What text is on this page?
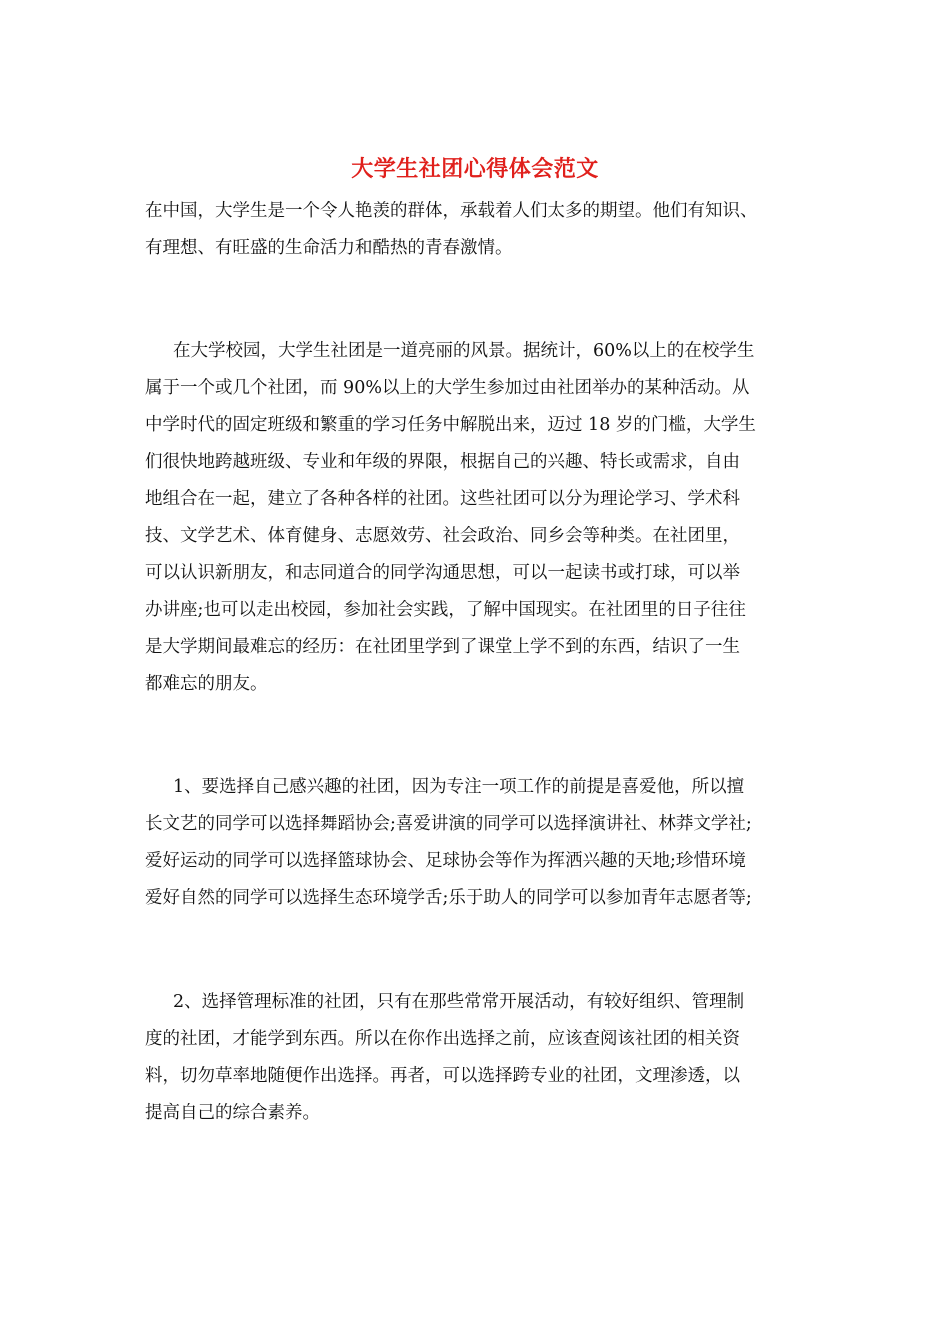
大学生社团心得体会范文
在中国，大学生是一个令人艳羡的群体，承载着人们太多的期望。他们有知识、
有理想、有旺盛的生命活力和酷热的青春激情。
在大学校园，大学生社团是一道亮丽的风景。据统计，60%以上的在校学生
属于一个或几个社团，而 90%以上的大学生参加过由社团举办的某种活动。从
中学时代的固定班级和繁重的学习任务中解脱出来，迈过 18 岁的门槛，大学生
们很快地跨越班级、专业和年级的界限，根据自己的兴趣、特长或需求，自由
地组合在一起，建立了各种各样的社团。这些社团可以分为理论学习、学术科
技、文学艺术、体育健身、志愿效劳、社会政治、同乡会等种类。在社团里，
可以认识新朋友，和志同道合的同学沟通思想，可以一起读书或打球，可以举
办讲座;也可以走出校园，参加社会实践，了解中国现实。在社团里的日子往往
是大学期间最难忘的经历：在社团里学到了课堂上学不到的东西，结识了一生
都难忘的朋友。
1、要选择自己感兴趣的社团，因为专注一项工作的前提是喜爱他，所以擅
长文艺的同学可以选择舞蹈协会;喜爱讲演的同学可以选择演讲社、林莽文学社;
爱好运动的同学可以选择篮球协会、足球协会等作为挥洒兴趣的天地;珍惜环境
爱好自然的同学可以选择生态环境学舌;乐于助人的同学可以参加青年志愿者等;
2、选择管理标准的社团，只有在那些常常开展活动，有较好组织、管理制
度的社团，才能学到东西。所以在你作出选择之前，应该查阅该社团的相关资
料，切勿草率地随便作出选择。再者，可以选择跨专业的社团，文理渗透，以
提高自己的综合素养。
